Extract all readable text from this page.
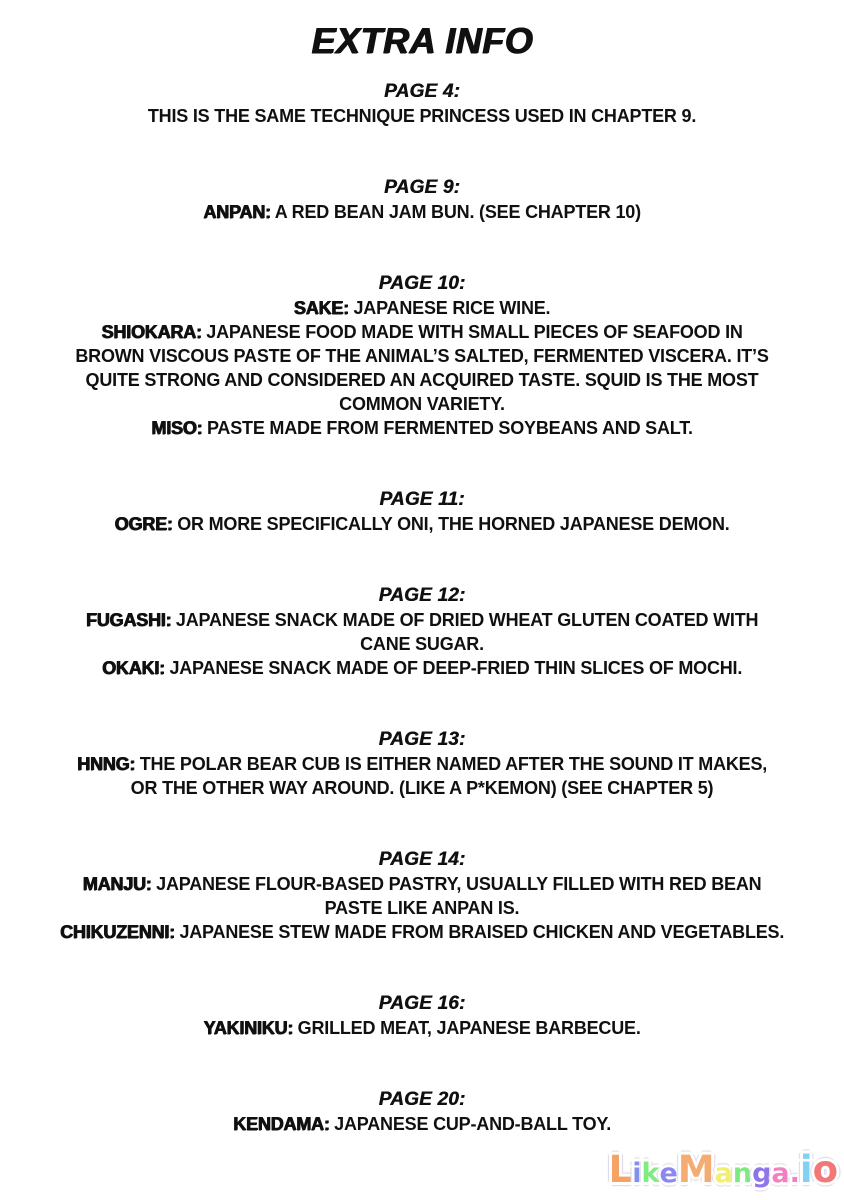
EXTRA INFO
PAGE 4:
THIS IS THE SAME TECHNIQUE PRINCESS USED IN CHAPTER 9.
PAGE 9:
ANPAN: A RED BEAN JAM BUN. (SEE CHAPTER 10)
PAGE 10:
SAKE: JAPANESE RICE WINE.
SHIOKARA: JAPANESE FOOD MADE WITH SMALL PIECES OF SEAFOOD IN
BROWN VISCOUS PASTE OF THE ANIMAL’S SALTED, FERMENTED VISCERA. IT’S
QUITE STRONG AND CONSIDERED AN ACQUIRED TASTE. SQUID IS THE MOST
COMMON VARIETY.
MISO: PASTE MADE FROM FERMENTED SOYBEANS AND SALT.
PAGE 11:
OGRE: OR MORE SPECIFICALLY ONI, THE HORNED JAPANESE DEMON.
PAGE 12:
FUGASHI: JAPANESE SNACK MADE OF DRIED WHEAT GLUTEN COATED WITH
CANE SUGAR.
OKAKI: JAPANESE SNACK MADE OF DEEP-FRIED THIN SLICES OF MOCHI.
PAGE 13:
HNNG: THE POLAR BEAR CUB IS EITHER NAMED AFTER THE SOUND IT MAKES,
OR THE OTHER WAY AROUND. (LIKE A P*KEMON) (SEE CHAPTER 5)
PAGE 14:
MANJU: JAPANESE FLOUR-BASED PASTRY, USUALLY FILLED WITH RED BEAN
PASTE LIKE ANPAN IS.
CHIKUZENNI: JAPANESE STEW MADE FROM BRAISED CHICKEN AND VEGETABLES.
PAGE 16:
YAKINIKU: GRILLED MEAT, JAPANESE BARBECUE.
PAGE 20:
KENDAMA: JAPANESE CUP-AND-BALL TOY.
LikeManga.io
